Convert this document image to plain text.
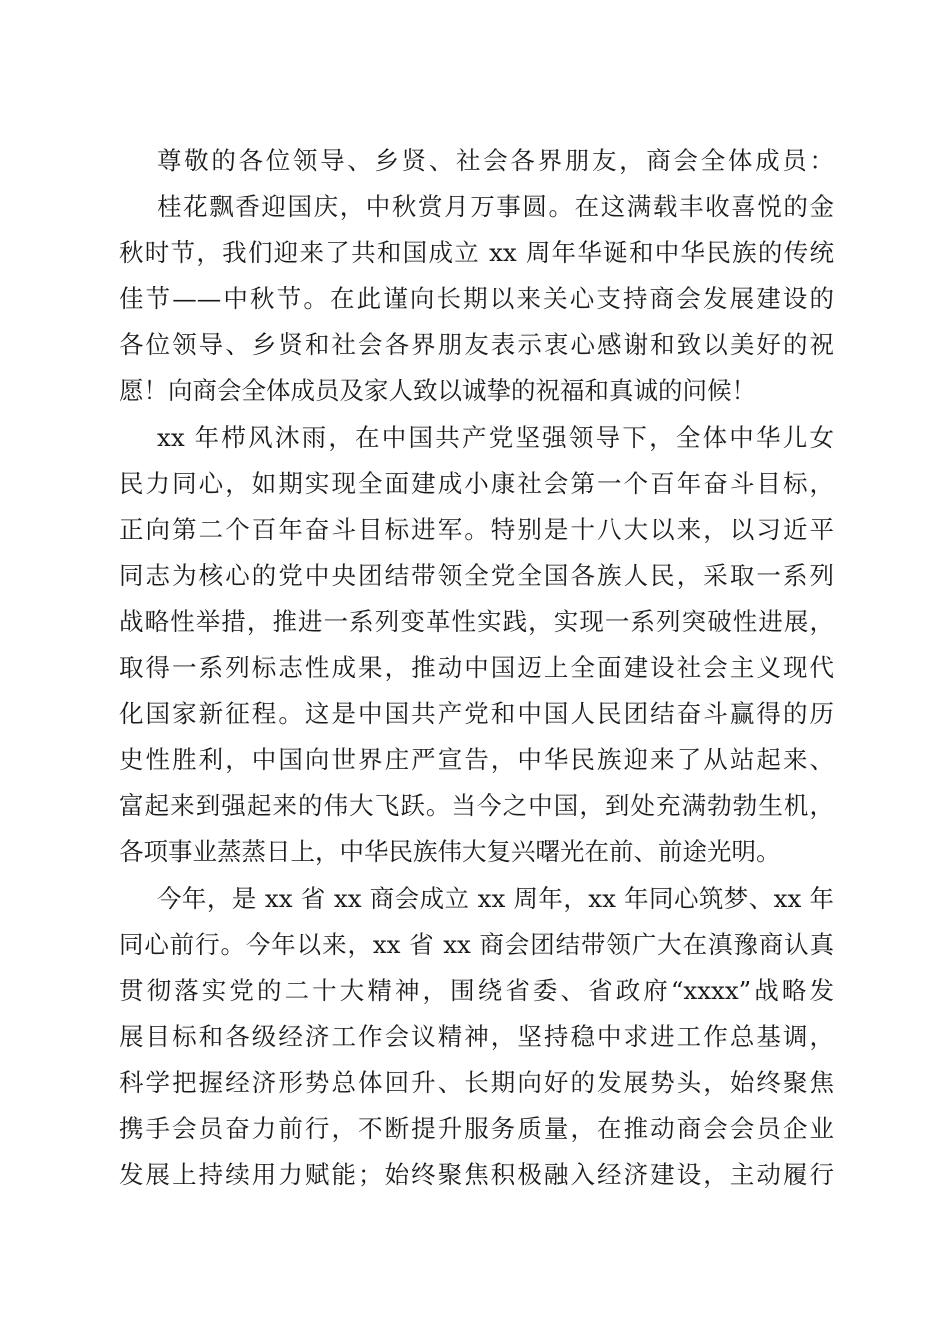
尊敬的各位领导、乡贤、社会各界朋友，商会全体成员：
桂花飘香迎国庆，中秋赏月万事圆。在这满载丰收喜悦的金
秋时节，我们迎来了共和国成立 xx 周年华诞和中华民族的传统
佳节——中秋节。在此谨向长期以来关心支持商会发展建设的
各位领导、乡贤和社会各界朋友表示衷心感谢和致以美好的祝
愿！向商会全体成员及家人致以诚挚的祝福和真诚的问候！
xx 年栉风沐雨，在中国共产党坚强领导下，全体中华儿女
民力同心，如期实现全面建成小康社会第一个百年奋斗目标，
正向第二个百年奋斗目标进军。特别是十八大以来，以习近平
同志为核心的党中央团结带领全党全国各族人民，采取一系列
战略性举措，推进一系列变革性实践，实现一系列突破性进展，
取得一系列标志性成果，推动中国迈上全面建设社会主义现代
化国家新征程。这是中国共产党和中国人民团结奋斗赢得的历
史性胜利，中国向世界庄严宣告，中华民族迎来了从站起来、
富起来到强起来的伟大飞跃。当今之中国，到处充满勃勃生机，
各项事业蒸蒸日上，中华民族伟大复兴曙光在前、前途光明。
今年，是 xx 省 xx 商会成立 xx 周年，xx 年同心筑梦、xx 年
同心前行。今年以来，xx 省 xx 商会团结带领广大在滇豫商认真
贯彻落实党的二十大精神，围绕省委、省政府“xxxx”战略发
展目标和各级经济工作会议精神，坚持稳中求进工作总基调，
科学把握经济形势总体回升、长期向好的发展势头，始终聚焦
携手会员奋力前行，不断提升服务质量，在推动商会会员企业
发展上持续用力赋能；始终聚焦积极融入经济建设，主动履行
